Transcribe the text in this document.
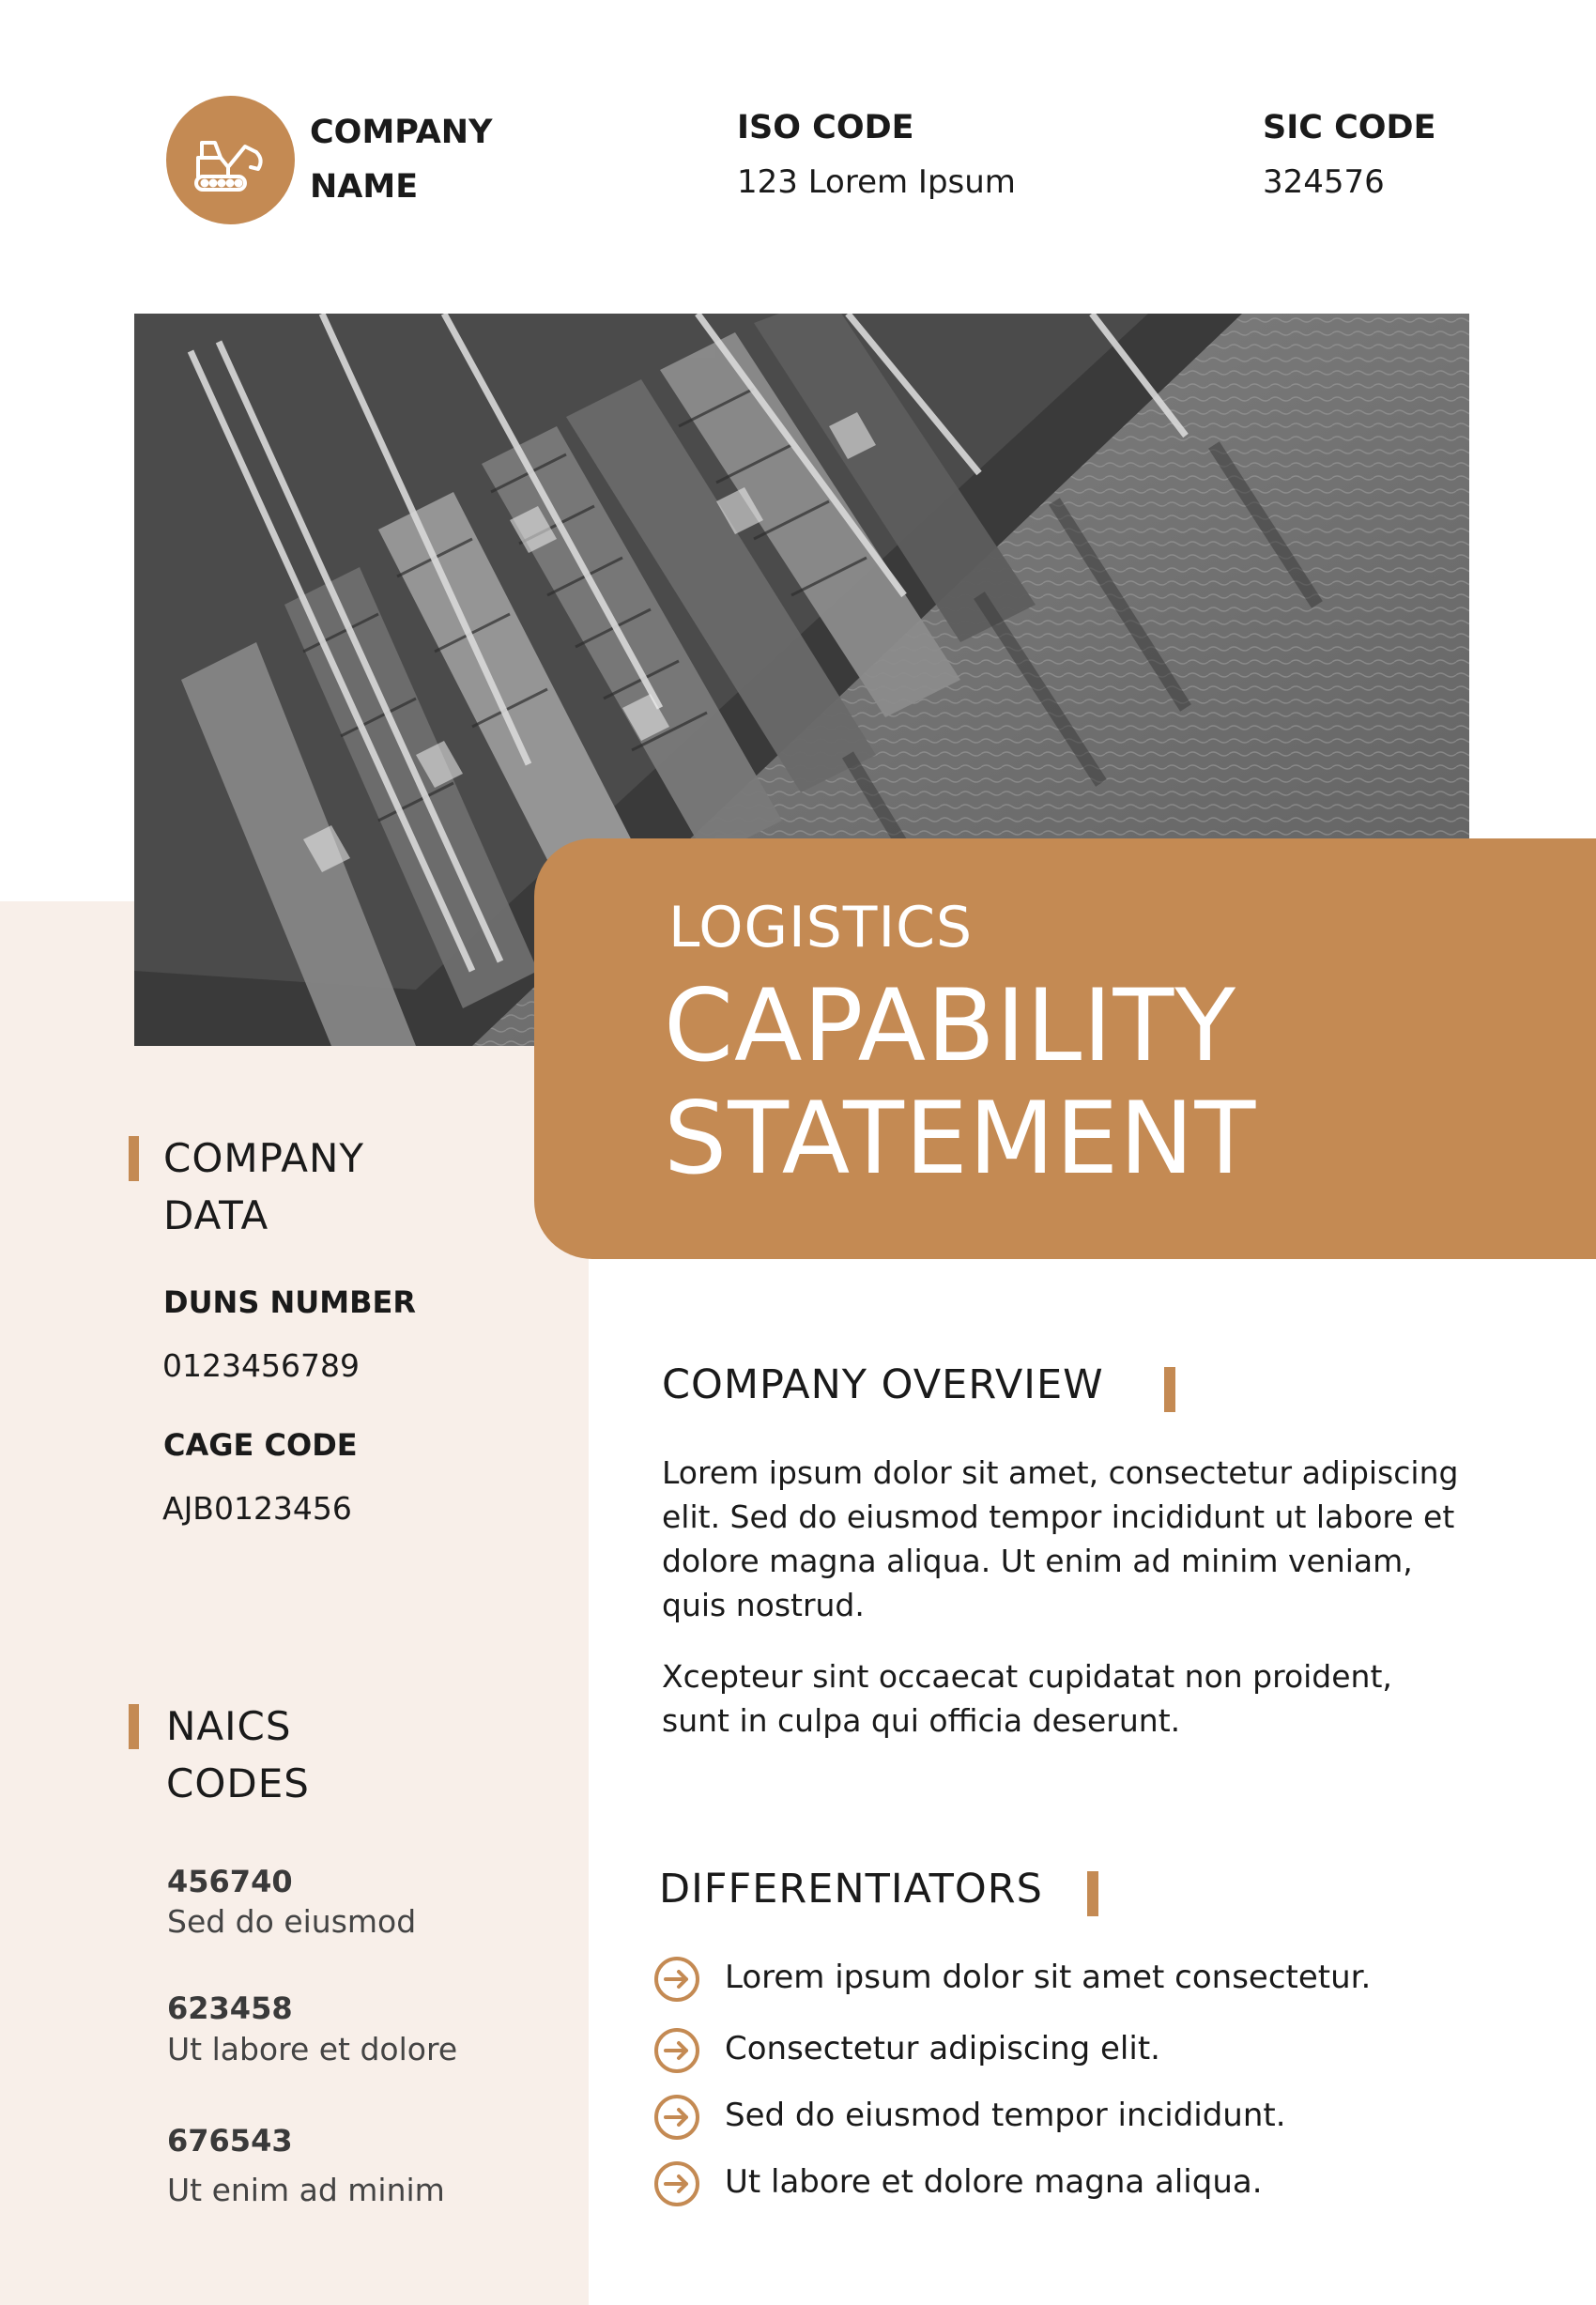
COMPANY
NAME
ISO CODE
123 Lorem Ipsum
SIC CODE
324576
LOGISTICS
CAPABILITY
STATEMENT
COMPANY
DATA
DUNS NUMBER
0123456789
CAGE CODE
AJB0123456
NAICS
CODES
456740
Sed do eiusmod
623458
Ut labore et dolore
676543
Ut enim ad minim
COMPANY OVERVIEW

Lorem ipsum dolor sit amet, consectetur adipiscing elit. Sed do eiusmod tempor incididunt ut labore et dolore magna aliqua. Ut enim ad minim veniam, quis nostrud.

Xcepteur sint occaecat cupidatat non proident, sunt in culpa qui officia deserunt.

DIFFERENTIATORS
Lorem ipsum dolor sit amet consectetur.
Consectetur adipiscing elit.
Sed do eiusmod tempor incididunt.
Ut labore et dolore magna aliqua.
